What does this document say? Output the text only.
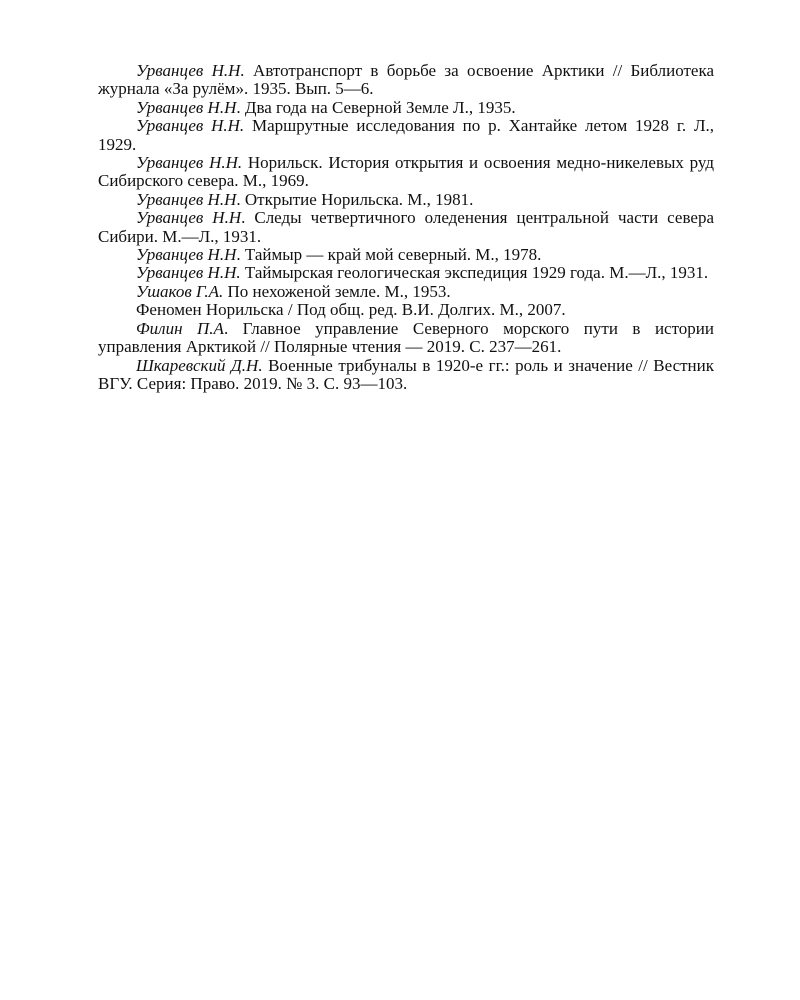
Урванцев Н.Н. Автотранспорт в борьбе за освоение Арктики // Библиотека журнала «За рулём». 1935. Вып. 5—6.

Урванцев Н.Н. Два года на Северной Земле Л., 1935.

Урванцев Н.Н. Маршрутные исследования по р. Хантайке летом 1928 г. Л., 1929.

Урванцев Н.Н. Норильск. История открытия и освоения медно-никелевых руд Сибирского севера. М., 1969.

Урванцев Н.Н. Открытие Норильска. М., 1981.

Урванцев Н.Н. Следы четвертичного оледенения центральной части севера Сибири. М.—Л., 1931.

Урванцев Н.Н. Таймыр — край мой северный. М., 1978.

Урванцев Н.Н. Таймырская геологическая экспедиция 1929 года. М.—Л., 1931.

Ушаков Г.А. По нехоженой земле. М., 1953.

Феномен Норильска / Под общ. ред. В.И. Долгих. М., 2007.

Филин П.А. Главное управление Северного морского пути в истории управления Арктикой // Полярные чтения — 2019. С. 237—261.

Шкаревский Д.Н. Военные трибуналы в 1920-е гг.: роль и значение // Вестник ВГУ. Серия: Право. 2019. № 3. С. 93—103.
